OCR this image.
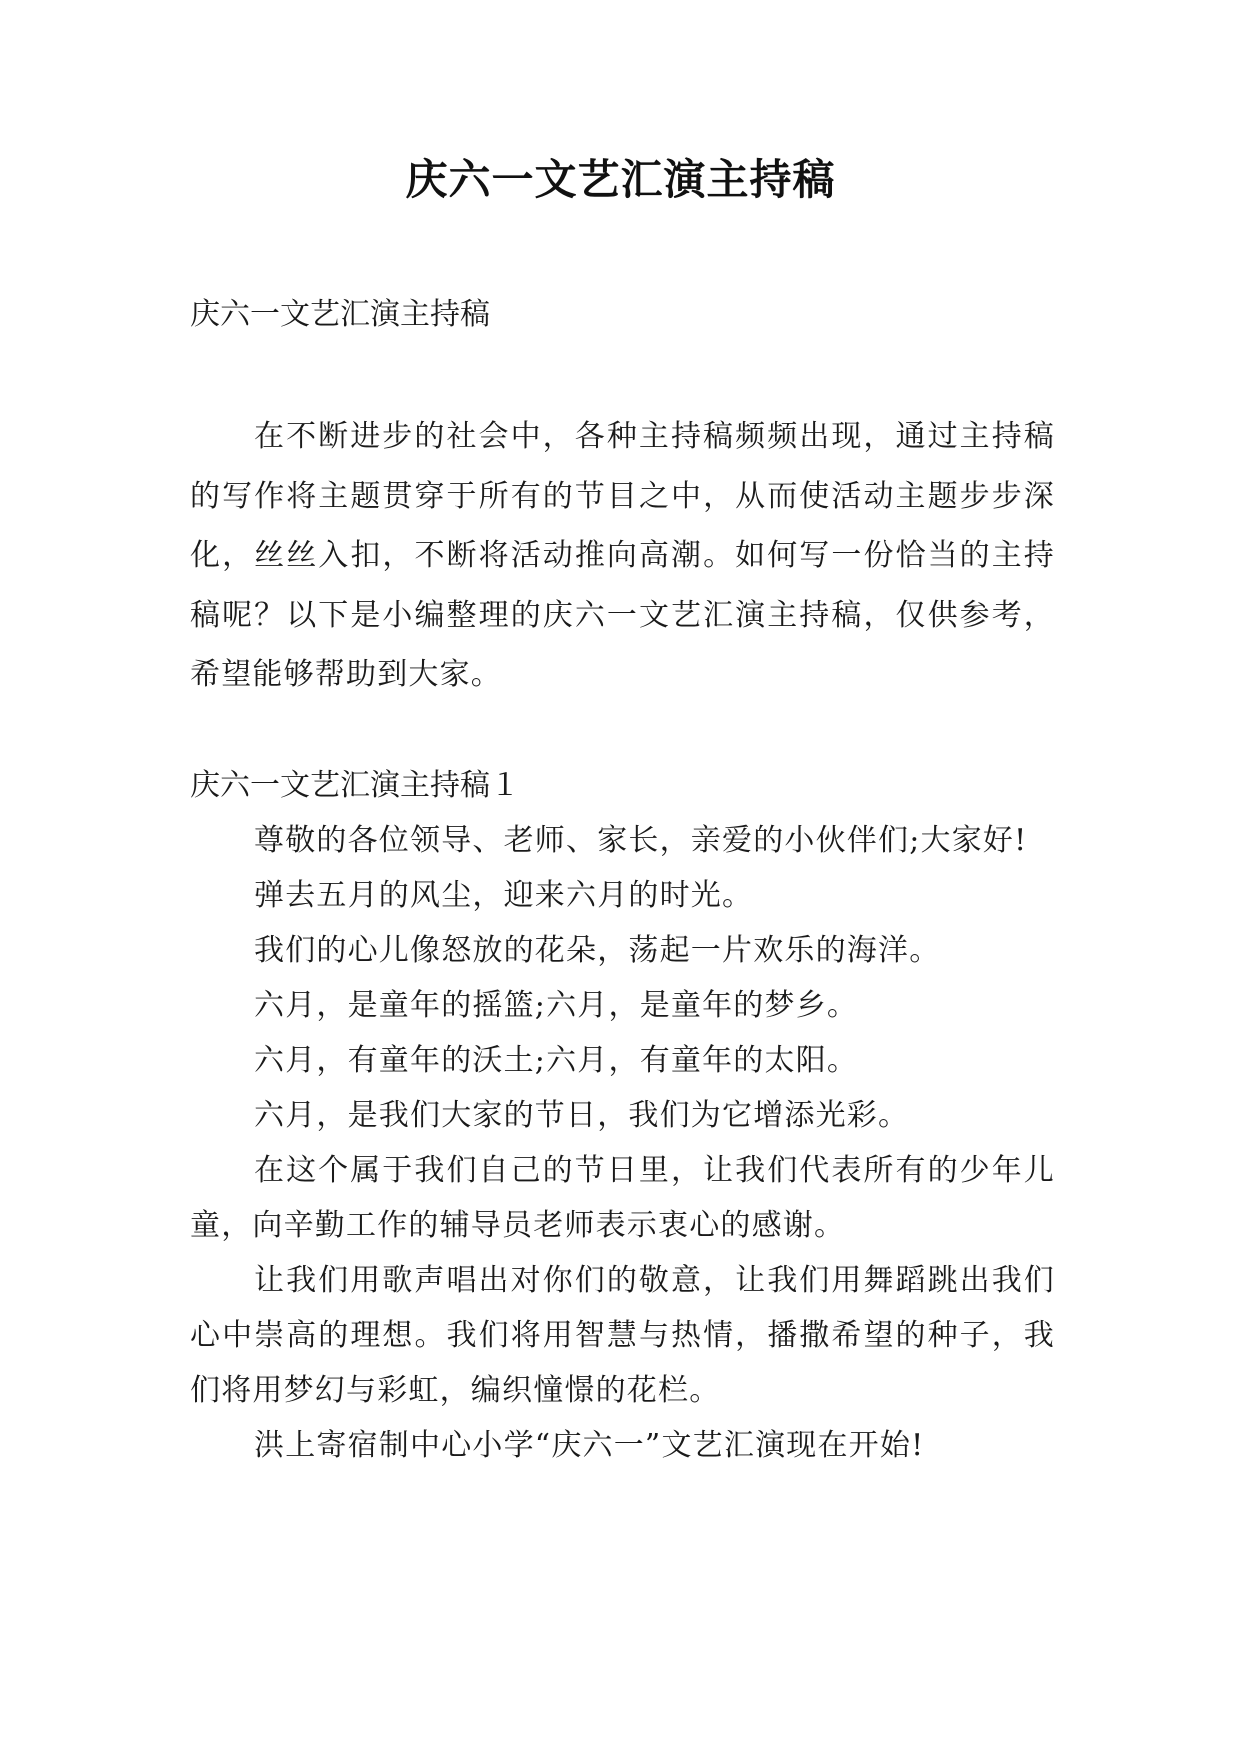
庆六一文艺汇演主持稿

庆六一文艺汇演主持稿

在不断进步的社会中，各种主持稿频频出现，通过主持稿的写作将主题贯穿于所有的节目之中，从而使活动主题步步深化，丝丝入扣，不断将活动推向高潮。如何写一份恰当的主持稿呢？以下是小编整理的庆六一文艺汇演主持稿，仅供参考，希望能够帮助到大家。

庆六一文艺汇演主持稿１

尊敬的各位领导、老师、家长，亲爱的小伙伴们;大家好!

弹去五月的风尘，迎来六月的时光。

我们的心儿像怒放的花朵，荡起一片欢乐的海洋。

六月，是童年的摇篮;六月，是童年的梦乡。

六月，有童年的沃土;六月，有童年的太阳。

六月，是我们大家的节日，我们为它增添光彩。

在这个属于我们自己的节日里，让我们代表所有的少年儿童，向辛勤工作的辅导员老师表示衷心的感谢。

让我们用歌声唱出对你们的敬意，让我们用舞蹈跳出我们心中崇高的理想。我们将用智慧与热情，播撒希望的种子，我们将用梦幻与彩虹，编织憧憬的花栏。

洪上寄宿制中心小学“庆六一”文艺汇演现在开始!
